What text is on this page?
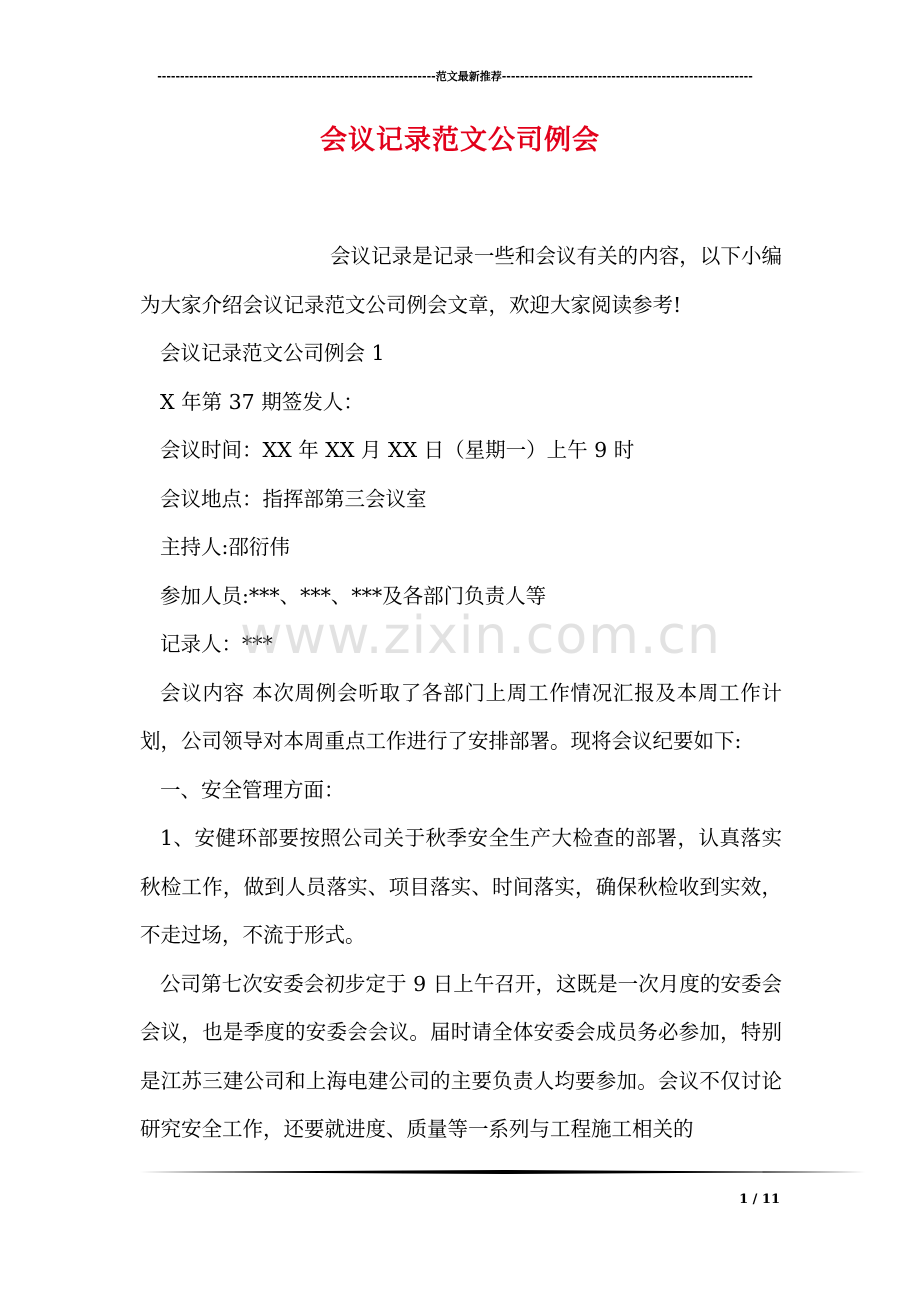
-------------------------------------------------------------范文最新推荐-------------------------------------------------------
会议记录范文公司例会

会议记录是记录一些和会议有关的内容，以下小编为大家介绍会议记录范文公司例会文章，欢迎大家阅读参考!

会议记录范文公司例会 1

X 年第 37 期签发人：

会议时间：XX 年 XX 月 XX 日（星期一）上午 9 时

会议地点：指挥部第三会议室

主持人:邵衍伟

参加人员:***、***、***及各部门负责人等

记录人：***

会议内容 本次周例会听取了各部门上周工作情况汇报及本周工作计划，公司领导对本周重点工作进行了安排部署。现将会议纪要如下:

一、安全管理方面：

1、安健环部要按照公司关于秋季安全生产大检查的部署，认真落实秋检工作，做到人员落实、项目落实、时间落实，确保秋检收到实效，不走过场，不流于形式。

公司第七次安委会初步定于 9 日上午召开，这既是一次月度的安委会会议，也是季度的安委会会议。届时请全体安委会成员务必参加，特别是江苏三建公司和上海电建公司的主要负责人均要参加。会议不仅讨论研究安全工作，还要就进度、质量等一系列与工程施工相关的

www.zixin.com.cn
1 / 11
